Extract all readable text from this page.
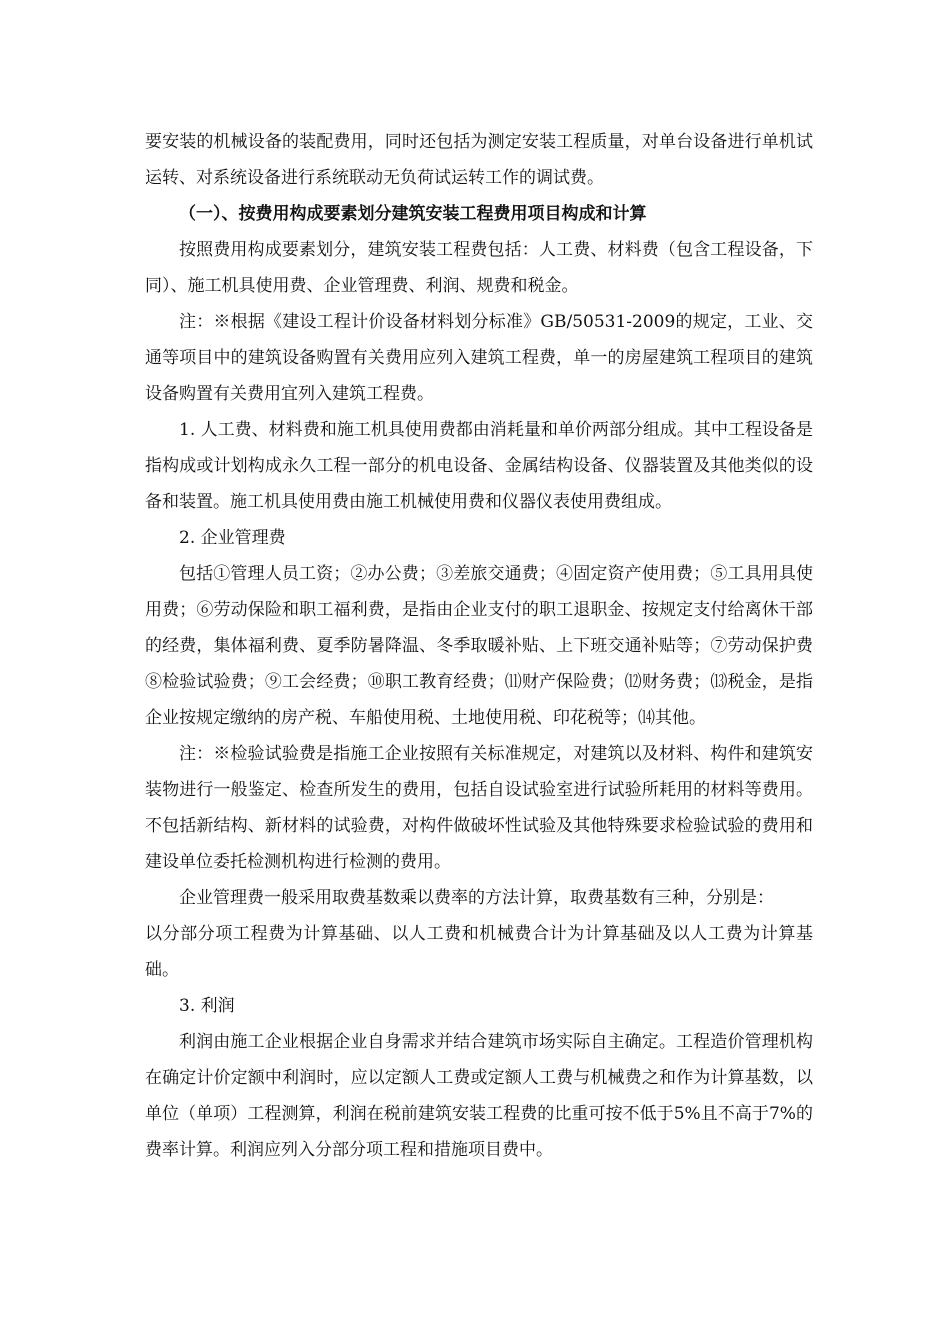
要安装的机械设备的装配费用，同时还包括为测定安装工程质量，对单台设备进行单机试运转、对系统设备进行系统联动无负荷试运转工作的调试费。

（一）、按费用构成要素划分建筑安装工程费用项目构成和计算

按照费用构成要素划分，建筑安装工程费包括：人工费、材料费（包含工程设备，下同）、施工机具使用费、企业管理费、利润、规费和税金。

注：※根据《建设工程计价设备材料划分标准》GB/50531-2009的规定，工业、交通等项目中的建筑设备购置有关费用应列入建筑工程费，单一的房屋建筑工程项目的建筑设备购置有关费用宜列入建筑工程费。

1. 人工费、材料费和施工机具使用费都由消耗量和单价两部分组成。其中工程设备是指构成或计划构成永久工程一部分的机电设备、金属结构设备、仪器装置及其他类似的设备和装置。施工机具使用费由施工机械使用费和仪器仪表使用费组成。

2. 企业管理费

包括①管理人员工资；②办公费；③差旅交通费；④固定资产使用费；⑤工具用具使用费；⑥劳动保险和职工福利费，是指由企业支付的职工退职金、按规定支付给离休干部的经费，集体福利费、夏季防暑降温、冬季取暖补贴、上下班交通补贴等；⑦劳动保护费⑧检验试验费；⑨工会经费；⑩职工教育经费；⑾财产保险费；⑿财务费；⒀税金，是指企业按规定缴纳的房产税、车船使用税、土地使用税、印花税等；⒁其他。

注：※检验试验费是指施工企业按照有关标准规定，对建筑以及材料、构件和建筑安装物进行一般鉴定、检查所发生的费用，包括自设试验室进行试验所耗用的材料等费用。不包括新结构、新材料的试验费，对构件做破坏性试验及其他特殊要求检验试验的费用和建设单位委托检测机构进行检测的费用。

企业管理费一般采用取费基数乘以费率的方法计算，取费基数有三种，分别是：

以分部分项工程费为计算基础、以人工费和机械费合计为计算基础及以人工费为计算基础。

3. 利润

利润由施工企业根据企业自身需求并结合建筑市场实际自主确定。工程造价管理机构在确定计价定额中利润时，应以定额人工费或定额人工费与机械费之和作为计算基数，以单位（单项）工程测算，利润在税前建筑安装工程费的比重可按不低于5%且不高于7%的费率计算。利润应列入分部分项工程和措施项目费中。
